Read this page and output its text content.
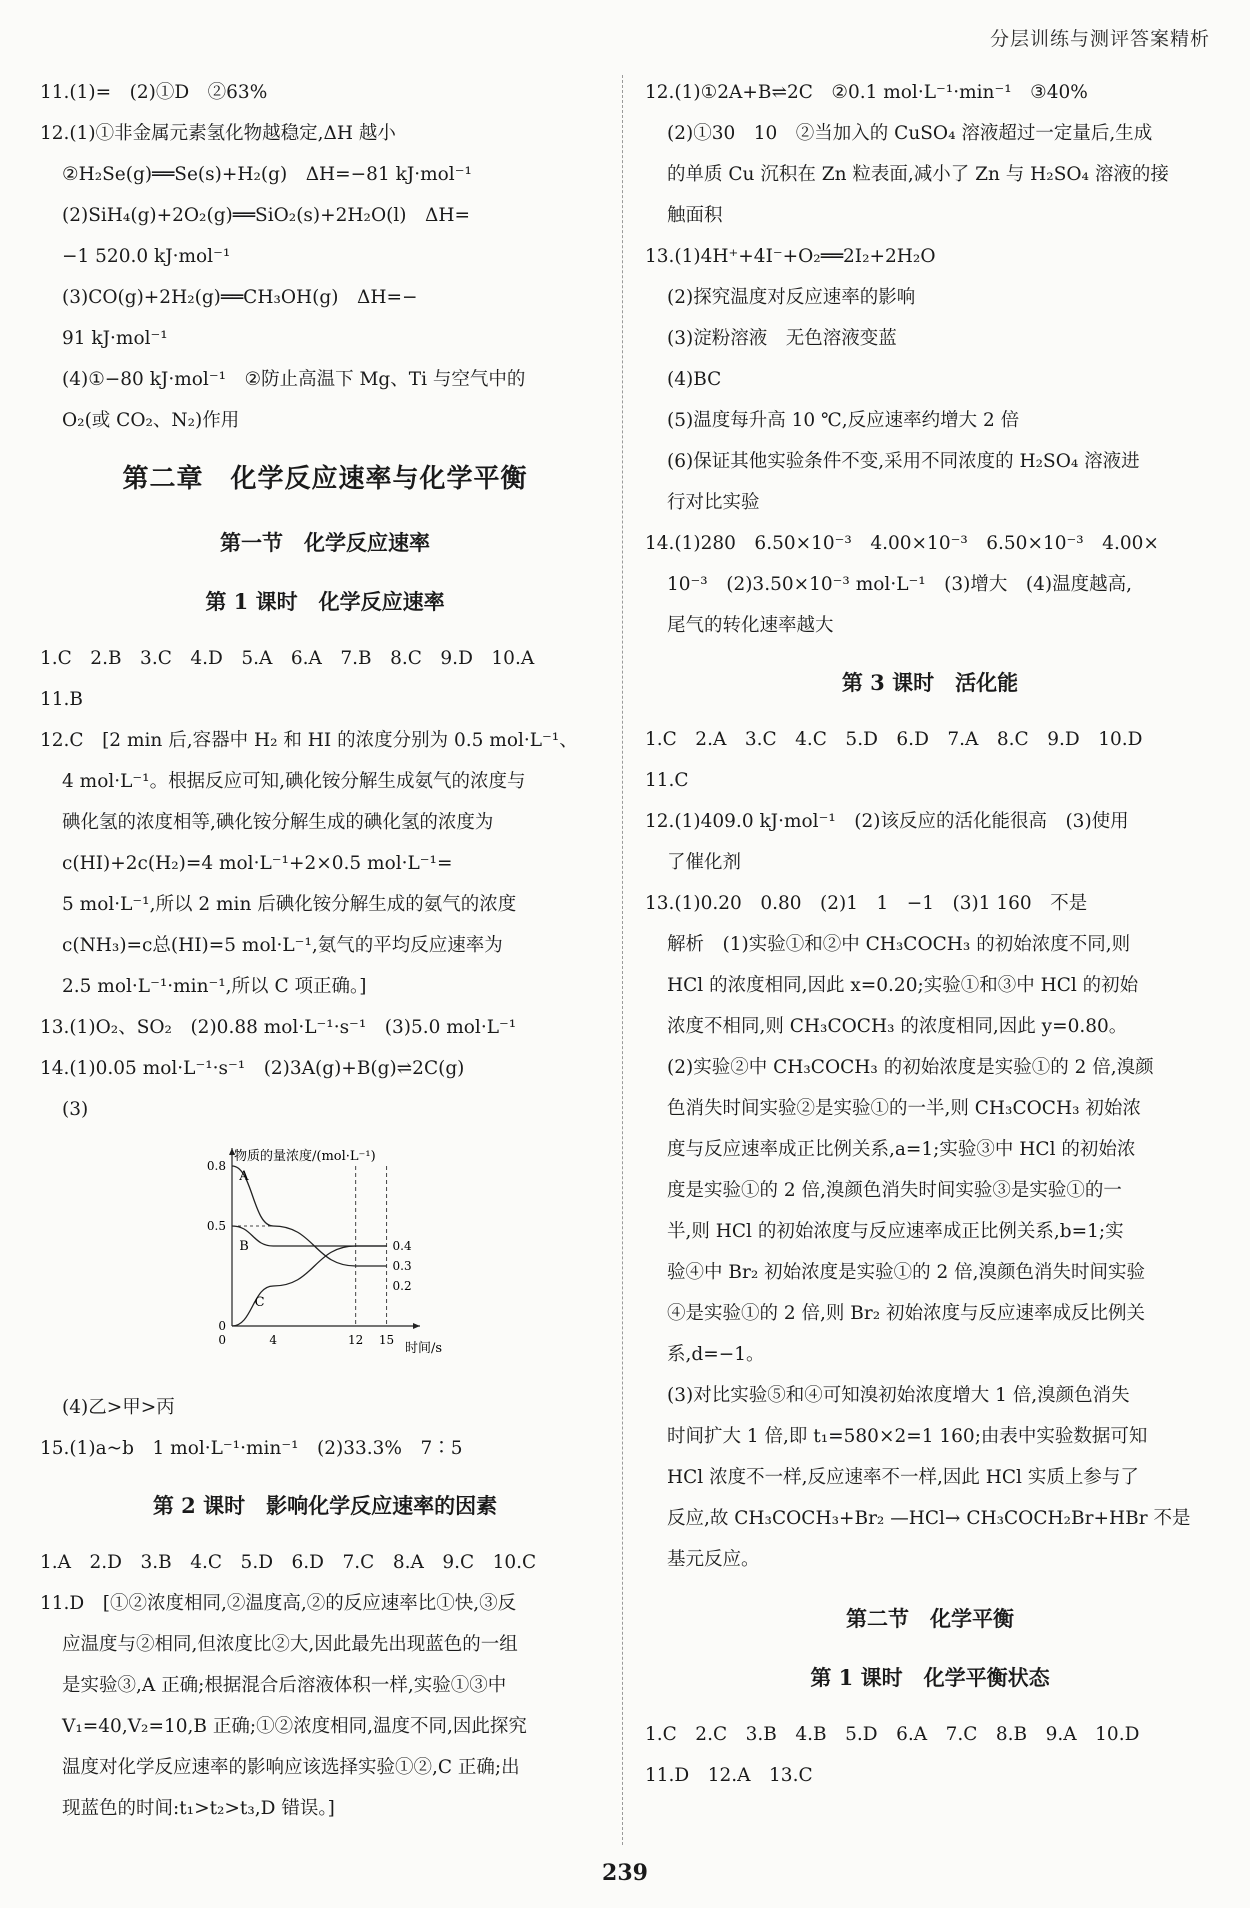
分层训练与测评答案精析

11.(1)=　(2)①D　②63%

12.(1)①非金属元素氢化物越稳定,ΔH 越小

②H₂Se(g)══Se(s)+H₂(g)　ΔH=−81 kJ·mol⁻¹

(2)SiH₄(g)+2O₂(g)══SiO₂(s)+2H₂O(l)　ΔH=

−1 520.0 kJ·mol⁻¹

(3)CO(g)+2H₂(g)══CH₃OH(g)　ΔH=−

91 kJ·mol⁻¹

(4)①−80 kJ·mol⁻¹　②防止高温下 Mg、Ti 与空气中的

O₂(或 CO₂、N₂)作用

第二章　化学反应速率与化学平衡

第一节　化学反应速率

第 1 课时　化学反应速率

1.C　2.B　3.C　4.D　5.A　6.A　7.B　8.C　9.D　10.A

11.B

12.C　[2 min 后,容器中 H₂ 和 HI 的浓度分别为 0.5 mol·L⁻¹、

4 mol·L⁻¹。根据反应可知,碘化铵分解生成氨气的浓度与

碘化氢的浓度相等,碘化铵分解生成的碘化氢的浓度为

c(HI)+2c(H₂)=4 mol·L⁻¹+2×0.5 mol·L⁻¹=

5 mol·L⁻¹,所以 2 min 后碘化铵分解生成的氨气的浓度

c(NH₃)=c总(HI)=5 mol·L⁻¹,氨气的平均反应速率为

2.5 mol·L⁻¹·min⁻¹,所以 C 项正确。]

13.(1)O₂、SO₂　(2)0.88 mol·L⁻¹·s⁻¹　(3)5.0 mol·L⁻¹

14.(1)0.05 mol·L⁻¹·s⁻¹　(2)3A(g)+B(g)⇌2C(g)

(3)

物质的量浓度/(mol·L⁻¹)
时间/s
0
0.5
0.8
0	4	12 15
A
B
C
0.4
0.3
0.2

(4)乙>甲>丙

15.(1)a~b　1 mol·L⁻¹·min⁻¹　(2)33.3%　7∶5

第 2 课时　影响化学反应速率的因素

1.A　2.D　3.B　4.C　5.D　6.D　7.C　8.A　9.C　10.C

11.D　[①②浓度相同,②温度高,②的反应速率比①快,③反

应温度与②相同,但浓度比②大,因此最先出现蓝色的一组

是实验③,A 正确;根据混合后溶液体积一样,实验①③中

V₁=40,V₂=10,B 正确;①②浓度相同,温度不同,因此探究

温度对化学反应速率的影响应该选择实验①②,C 正确;出

现蓝色的时间:t₁>t₂>t₃,D 错误。]

12.(1)①2A+B⇌2C　②0.1 mol·L⁻¹·min⁻¹　③40%

(2)①30　10　②当加入的 CuSO₄ 溶液超过一定量后,生成

的单质 Cu 沉积在 Zn 粒表面,减小了 Zn 与 H₂SO₄ 溶液的接

触面积

13.(1)4H⁺+4I⁻+O₂══2I₂+2H₂O

(2)探究温度对反应速率的影响

(3)淀粉溶液　无色溶液变蓝

(4)BC

(5)温度每升高 10 ℃,反应速率约增大 2 倍

(6)保证其他实验条件不变,采用不同浓度的 H₂SO₄ 溶液进

行对比实验

14.(1)280　6.50×10⁻³　4.00×10⁻³　6.50×10⁻³　4.00×

10⁻³　(2)3.50×10⁻³ mol·L⁻¹　(3)增大　(4)温度越高,

尾气的转化速率越大

第 3 课时　活化能

1.C　2.A　3.C　4.C　5.D　6.D　7.A　8.C　9.D　10.D

11.C

12.(1)409.0 kJ·mol⁻¹　(2)该反应的活化能很高　(3)使用

了催化剂

13.(1)0.20　0.80　(2)1　1　−1　(3)1 160　不是

解析　(1)实验①和②中 CH₃COCH₃ 的初始浓度不同,则

HCl 的浓度相同,因此 x=0.20;实验①和③中 HCl 的初始

浓度不相同,则 CH₃COCH₃ 的浓度相同,因此 y=0.80。

(2)实验②中 CH₃COCH₃ 的初始浓度是实验①的 2 倍,溴颜

色消失时间实验②是实验①的一半,则 CH₃COCH₃ 初始浓

度与反应速率成正比例关系,a=1;实验③中 HCl 的初始浓

度是实验①的 2 倍,溴颜色消失时间实验③是实验①的一

半,则 HCl 的初始浓度与反应速率成正比例关系,b=1;实

验④中 Br₂ 初始浓度是实验①的 2 倍,溴颜色消失时间实验

④是实验①的 2 倍,则 Br₂ 初始浓度与反应速率成反比例关

系,d=−1。

(3)对比实验⑤和④可知溴初始浓度增大 1 倍,溴颜色消失

时间扩大 1 倍,即 t₁=580×2=1 160;由表中实验数据可知

HCl 浓度不一样,反应速率不一样,因此 HCl 实质上参与了

反应,故 CH₃COCH₃+Br₂ —HCl→ CH₃COCH₂Br+HBr 不是

基元反应。

第二节　化学平衡

第 1 课时　化学平衡状态

1.C　2.C　3.B　4.B　5.D　6.A　7.C　8.B　9.A　10.D

11.D　12.A　13.C

239
